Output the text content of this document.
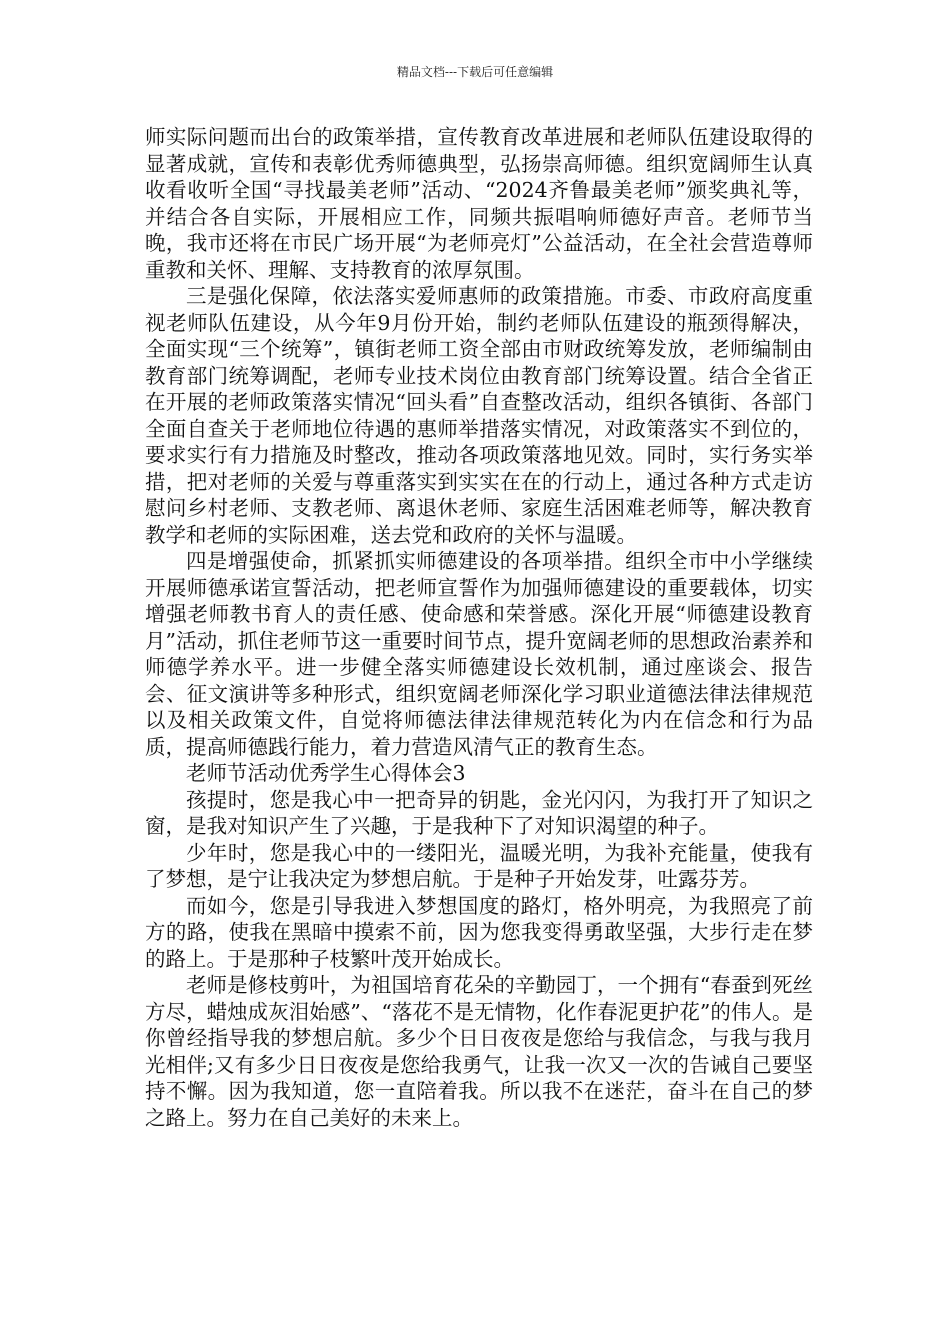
精品文档---下载后可任意编辑

师实际问题而出台的政策举措，宣传教育改革进展和老师队伍建设取得的显著成就，宣传和表彰优秀师德典型，弘扬崇高师德。组织宽阔师生认真收看收听全国“寻找最美老师”活动、“2024齐鲁最美老师”颁奖典礼等，并结合各自实际，开展相应工作，同频共振唱响师德好声音。老师节当晚，我市还将在市民广场开展“为老师亮灯”公益活动，在全社会营造尊师重教和关怀、理解、支持教育的浓厚氛围。

三是强化保障，依法落实爱师惠师的政策措施。市委、市政府高度重视老师队伍建设，从今年9月份开始，制约老师队伍建设的瓶颈得解决，全面实现“三个统筹”，镇街老师工资全部由市财政统筹发放，老师编制由教育部门统筹调配，老师专业技术岗位由教育部门统筹设置。结合全省正在开展的老师政策落实情况“回头看”自查整改活动，组织各镇街、各部门全面自查关于老师地位待遇的惠师举措落实情况，对政策落实不到位的，要求实行有力措施及时整改，推动各项政策落地见效。同时，实行务实举措，把对老师的关爱与尊重落实到实实在在的行动上，通过各种方式走访慰问乡村老师、支教老师、离退休老师、家庭生活困难老师等，解决教育教学和老师的实际困难，送去党和政府的关怀与温暖。

四是增强使命，抓紧抓实师德建设的各项举措。组织全市中小学继续开展师德承诺宣誓活动，把老师宣誓作为加强师德建设的重要载体，切实增强老师教书育人的责任感、使命感和荣誉感。深化开展“师德建设教育月”活动，抓住老师节这一重要时间节点，提升宽阔老师的思想政治素养和师德学养水平。进一步健全落实师德建设长效机制，通过座谈会、报告会、征文演讲等多种形式，组织宽阔老师深化学习职业道德法律法律规范以及相关政策文件，自觉将师德法律法律规范转化为内在信念和行为品质，提高师德践行能力，着力营造风清气正的教育生态。

老师节活动优秀学生心得体会3

孩提时，您是我心中一把奇异的钥匙，金光闪闪，为我打开了知识之窗，是我对知识产生了兴趣，于是我种下了对知识渴望的种子。

少年时，您是我心中的一缕阳光，温暖光明，为我补充能量，使我有了梦想，是宁让我决定为梦想启航。于是种子开始发芽，吐露芬芳。

而如今，您是引导我进入梦想国度的路灯，格外明亮，为我照亮了前方的路，使我在黑暗中摸索不前，因为您我变得勇敢坚强，大步行走在梦的路上。于是那种子枝繁叶茂开始成长。

老师是修枝剪叶，为祖国培育花朵的辛勤园丁，一个拥有“春蚕到死丝方尽，蜡烛成灰泪始感”、“落花不是无情物，化作春泥更护花”的伟人。是你曾经指导我的梦想启航。多少个日日夜夜是您给与我信念，与我与我月光相伴;又有多少日日夜夜是您给我勇气，让我一次又一次的告诫自己要坚持不懈。因为我知道，您一直陪着我。所以我不在迷茫，奋斗在自己的梦之路上。努力在自己美好的未来上。
